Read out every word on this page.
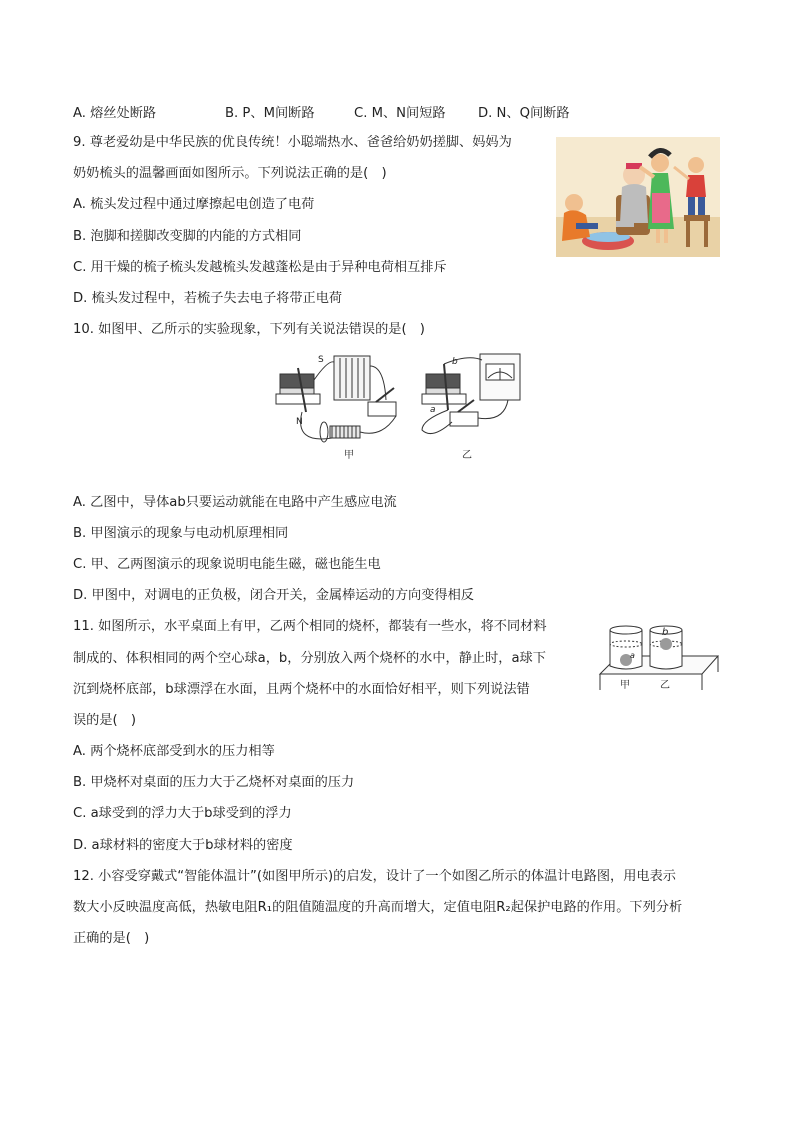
A. 熔丝处断路	B. P、M间断路	C. M、N间短路 D. N、Q间断路
9. 尊老爱幼是中华民族的优良传统！小聪端热水、爸爸给奶奶搓脚、妈妈为
奶奶梳头的温馨画面如图所示。下列说法正确的是(　)
A. 梳头发过程中通过摩擦起电创造了电荷
B. 泡脚和搓脚改变脚的内能的方式相同
C. 用干燥的梳子梳头发越梳头发越蓬松是由于异种电荷相互排斥
D. 梳头发过程中，若梳子失去电子将带正电荷
10. 如图甲、乙所示的实验现象，下列有关说法错误的是(　)
S
N
b
a
甲	乙
A. 乙图中，导体ab只要运动就能在电路中产生感应电流
B. 甲图演示的现象与电动机原理相同
C. 甲、乙两图演示的现象说明电能生磁，磁也能生电
D. 甲图中，对调电的正负极，闭合开关，金属棒运动的方向变得相反
11. 如图所示，水平桌面上有甲，乙两个相同的烧杯，都装有一些水，将不同材料
制成的、体积相同的两个空心球a，b，分别放入两个烧杯的水中，静止时，a球下
沉到烧杯底部，b球漂浮在水面，且两个烧杯中的水面恰好相平，则下列说法错
误的是(　)
a
b
甲	乙
A. 两个烧杯底部受到水的压力相等
B. 甲烧杯对桌面的压力大于乙烧杯对桌面的压力
C. a球受到的浮力大于b球受到的浮力
D. a球材料的密度大于b球材料的密度
12. 小容受穿戴式“智能体温计”(如图甲所示)的启发，设计了一个如图乙所示的体温计电路图，用电表示
数大小反映温度高低，热敏电阻R₁的阻值随温度的升高而增大，定值电阻R₂起保护电路的作用。下列分析
正确的是(　)
